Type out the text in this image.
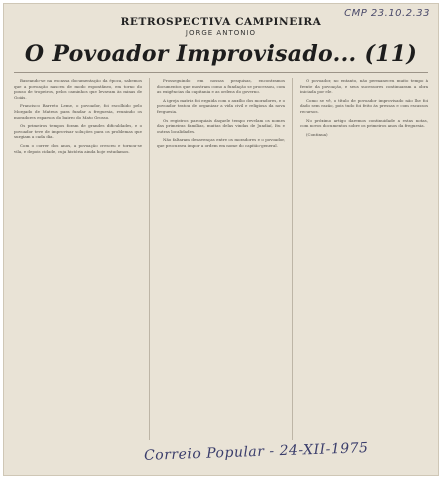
CMP 23.10.2.33
RETROSPECTIVA CAMPINEIRA
JORGE ANTONIO
O Povoador Improvisado... (11)

Baseando-se na escassa documentação da época, sabemos que a povoação nasceu de modo espontâneo, em torno do pouso de tropeiros, pelos caminhos que levavam às minas de Goiás.

Francisco Barreto Leme, o povoador, foi escolhido pelo Morgado de Mateus para fundar a freguesia, reunindo os moradores esparsos do bairro do Mato Grosso.

Os primeiros tempos foram de grandes dificuldades, e o povoador teve de improvisar soluções para os problemas que surgiam a cada dia.

Com o correr dos anos, a povoação cresceu e tornou-se vila, e depois cidade, cuja história ainda hoje estudamos.

Prosseguindo em nossas pesquisas, encontramos documentos que mostram como a fundação se processou, com as exigências da capitania e as ordens do governo.

A igreja matriz foi erguida com o auxílio dos moradores, e o povoador tratou de organizar a vida civil e religiosa da nova freguesia.

Os registros paroquiais daquele tempo revelam os nomes das primeiras famílias, muitas delas vindas de Jundiaí, Itu e outras localidades.

Não faltaram desavenças entre os moradores e o povoador, que procurava impor a ordem em nome do capitão-general.

O povoador, no entanto, não permaneceu muito tempo à frente da povoação, e seus sucessores continuaram a obra iniciada por ele.

Como se vê, o título de povoador improvisado não lhe foi dado sem razão, pois tudo foi feito às pressas e com escassos recursos.

No próximo artigo daremos continuidade a estas notas, com novos documentos sobre os primeiros anos da freguesia.

(Continua)

Correio Popular - 24-XII-1975
